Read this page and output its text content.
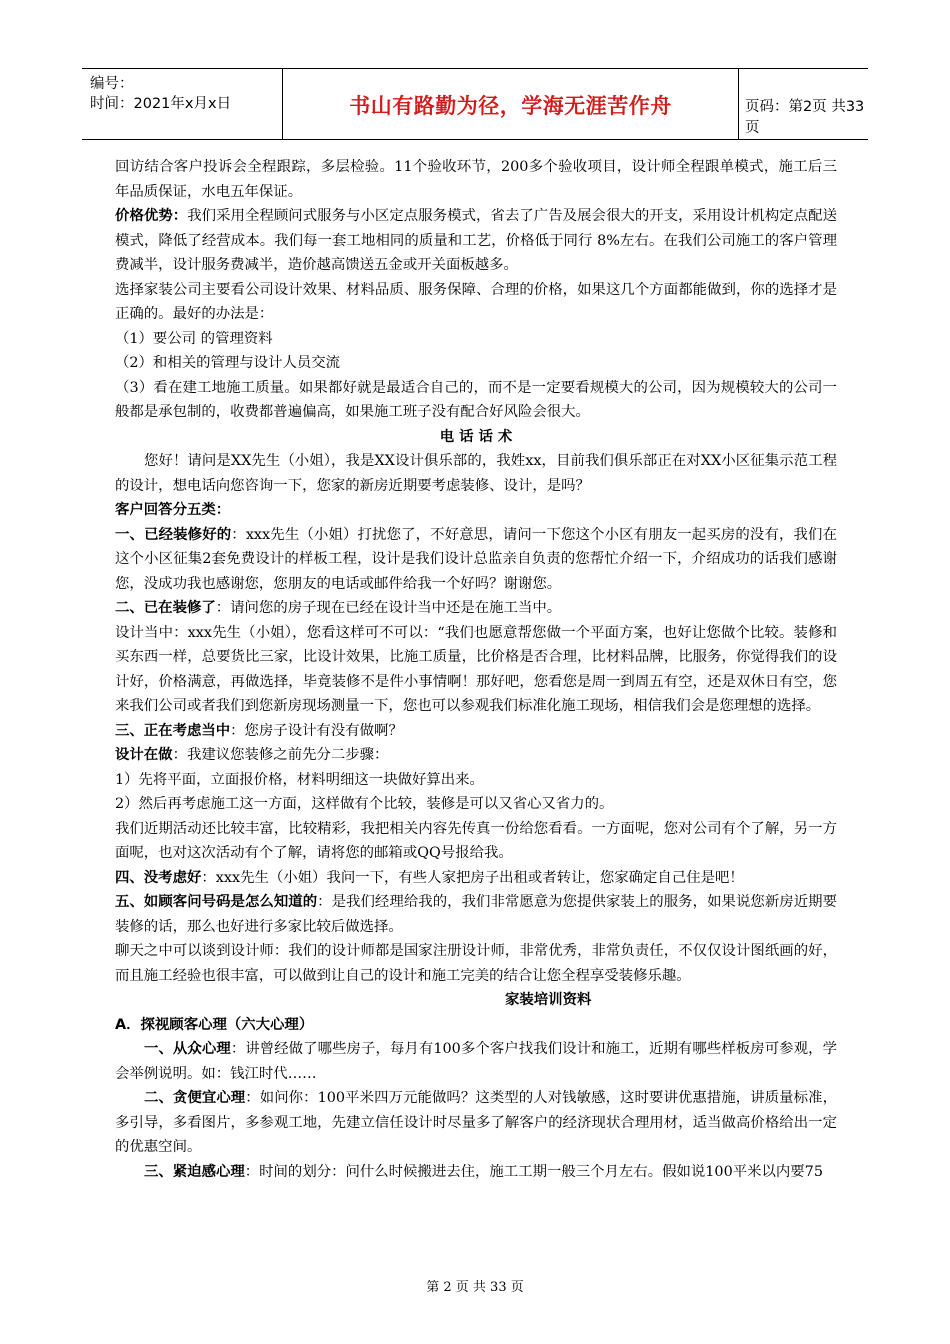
编号：
时间：2021年x月x日	书山有路勤为径，学海无涯苦作舟	页码：第2页 共33页

回访结合客户投诉会全程跟踪，多层检验。11个验收环节，200多个验收项目，设计师全程跟单模式，施工后三年品质保证，水电五年保证。

价格优势：我们采用全程顾问式服务与小区定点服务模式，省去了广告及展会很大的开支，采用设计机构定点配送模式，降低了经营成本。我们每一套工地相同的质量和工艺，价格低于同行 8%左右。在我们公司施工的客户管理费减半，设计服务费减半，造价越高馈送五金或开关面板越多。

选择家装公司主要看公司设计效果、材料品质、服务保障、合理的价格，如果这几个方面都能做到，你的选择才是正确的。最好的办法是：

（1）要公司 的管理资料

（2）和相关的管理与设计人员交流

（3）看在建工地施工质量。如果都好就是最适合自己的，而不是一定要看规模大的公司，因为规模较大的公司一般都是承包制的，收费都普遍偏高，如果施工班子没有配合好风险会很大。

电 话 话 术

您好！请问是XX先生（小姐），我是XX设计俱乐部的，我姓xx，目前我们俱乐部正在对XX小区征集示范工程的设计，想电话向您咨询一下，您家的新房近期要考虑装修、设计，是吗？

客户回答分五类：

一、已经装修好的：xxx先生（小姐）打扰您了，不好意思，请问一下您这个小区有朋友一起买房的没有，我们在这个小区征集2套免费设计的样板工程，设计是我们设计总监亲自负责的您帮忙介绍一下，介绍成功的话我们感谢您，没成功我也感谢您，您朋友的电话或邮件给我一个好吗？谢谢您。

二、已在装修了：请问您的房子现在已经在设计当中还是在施工当中。

设计当中：xxx先生（小姐），您看这样可不可以：“我们也愿意帮您做一个平面方案，也好让您做个比较。装修和买东西一样，总要货比三家，比设计效果，比施工质量，比价格是否合理，比材料品牌，比服务，你觉得我们的设计好，价格满意，再做选择，毕竟装修不是件小事情啊！那好吧，您看您是周一到周五有空，还是双休日有空，您来我们公司或者我们到您新房现场测量一下，您也可以参观我们标准化施工现场，相信我们会是您理想的选择。

三、正在考虑当中：您房子设计有没有做啊？

设计在做：我建议您装修之前先分二步骤：

1）先将平面，立面报价格，材料明细这一块做好算出来。

2）然后再考虑施工这一方面，这样做有个比较，装修是可以又省心又省力的。

我们近期活动还比较丰富，比较精彩，我把相关内容先传真一份给您看看。一方面呢，您对公司有个了解，另一方面呢，也对这次活动有个了解，请将您的邮箱或QQ号报给我。

四、没考虑好：xxx先生（小姐）我问一下，有些人家把房子出租或者转让，您家确定自己住是吧！

五、如顾客问号码是怎么知道的：是我们经理给我的，我们非常愿意为您提供家装上的服务，如果说您新房近期要装修的话，那么也好进行多家比较后做选择。

聊天之中可以谈到设计师：我们的设计师都是国家注册设计师，非常优秀，非常负责任，不仅仅设计图纸画的好，而且施工经验也很丰富，可以做到让自己的设计和施工完美的结合让您全程享受装修乐趣。

家装培训资料

A．探视顾客心理（六大心理）

一、从众心理：讲曾经做了哪些房子，每月有100多个客户找我们设计和施工，近期有哪些样板房可参观，学会举例说明。如：钱江时代……

二、贪便宜心理：如问你：100平米四万元能做吗？这类型的人对钱敏感，这时要讲优惠措施，讲质量标准，多引导，多看图片，多参观工地，先建立信任设计时尽量多了解客户的经济现状合理用材，适当做高价格给出一定的优惠空间。

三、紧迫感心理：时间的划分：问什么时候搬进去住，施工工期一般三个月左右。假如说100平米以内要75

第 2 页 共 33 页
